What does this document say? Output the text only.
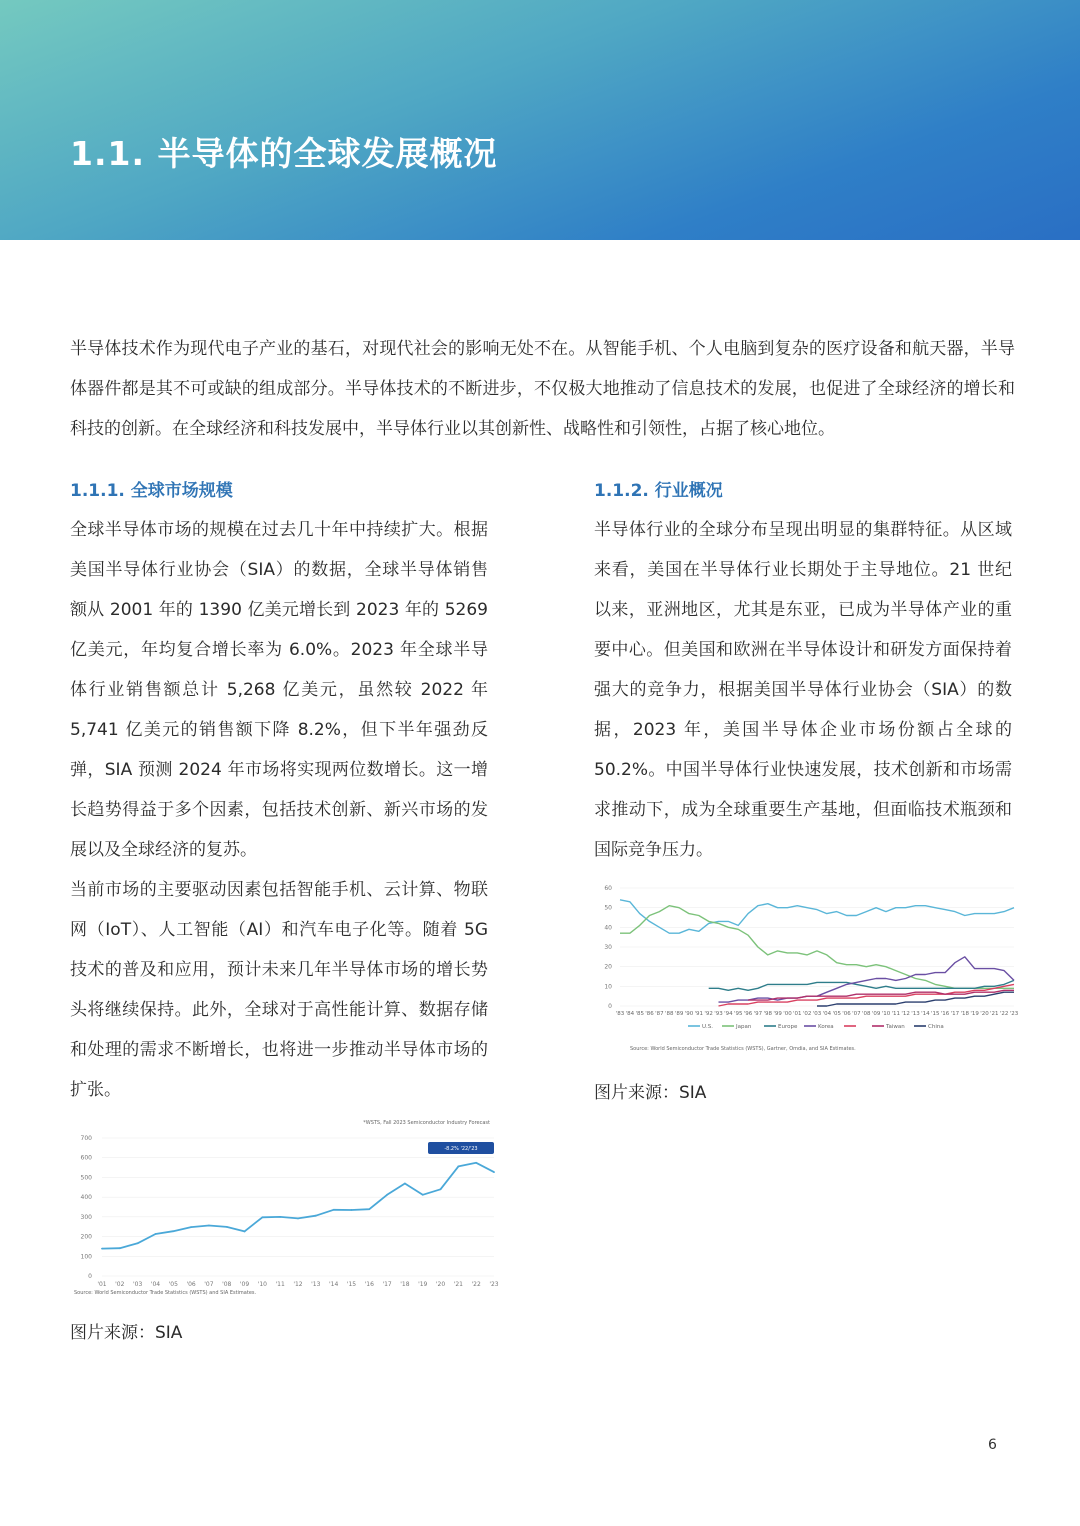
1.1. 半导体的全球发展概况

半导体技术作为现代电子产业的基石，对现代社会的影响无处不在。从智能手机、个人电脑到复杂的医疗设备和航天器，半导体器件都是其不可或缺的组成部分。半导体技术的不断进步，不仅极大地推动了信息技术的发展，也促进了全球经济的增长和科技的创新。在全球经济和科技发展中，半导体行业以其创新性、战略性和引领性，占据了核心地位。

1.1.1. 全球市场规模

全球半导体市场的规模在过去几十年中持续扩大。根据美国半导体行业协会（SIA）的数据，全球半导体销售额从 2001 年的 1390 亿美元增长到 2023 年的 5269 亿美元，年均复合增长率为 6.0%。2023 年全球半导体行业销售额总计 5,268 亿美元，虽然较 2022 年 5,741 亿美元的销售额下降 8.2%，但下半年强劲反弹，SIA 预测 2024 年市场将实现两位数增长。这一增长趋势得益于多个因素，包括技术创新、新兴市场的发展以及全球经济的复苏。

当前市场的主要驱动因素包括智能手机、云计算、物联网（IoT）、人工智能（AI）和汽车电子化等。随着 5G 技术的普及和应用，预计未来几年半导体市场的增长势头将继续保持。此外，全球对于高性能计算、数据存储和处理的需求不断增长，也将进一步推动半导体市场的扩张。

1.1.2. 行业概况

半导体行业的全球分布呈现出明显的集群特征。从区域来看，美国在半导体行业长期处于主导地位。21 世纪以来，亚洲地区，尤其是东亚，已成为半导体产业的重要中心。但美国和欧洲在半导体设计和研发方面保持着强大的竞争力，根据美国半导体行业协会（SIA）的数据，2023 年，美国半导体企业市场份额占全球的 50.2%。中国半导体行业快速发展，技术创新和市场需求推动下，成为全球重要生产基地，但面临技术瓶颈和国际竞争压力。

*WSTS, Fall 2023 Semiconductor Industry Forecast
-8.2% '22/'23
0
100
200
300
400
500
600
700
'01 '02 '03 '04 '05 '06 '07 '08 '09 '10 '11 '12 '13 '14 '15 '16 '17 '18 '19 '20 '21 '22 '23
Source: World Semiconductor Trade Statistics (WSTS) and SIA Estimates.
0
10
20
30
40
50
60
'83 '84 '85 '86 '87 '88 '89 '90 '91 '92 '93 '94 '95 '96 '97 '98 '99 '00 '01 '02 '03 '04 '05 '06 '07 '08 '09 '10 '11 '12 '13 '14 '15 '16 '17 '18 '19 '20 '21 '22 '23
U.S.	Japan	Europe	Korea	Taiwan	China
Source: World Semiconductor Trade Statistics (WSTS), Gartner, Omdia, and SIA Estimates.
图片来源：SIA
图片来源：SIA
6
